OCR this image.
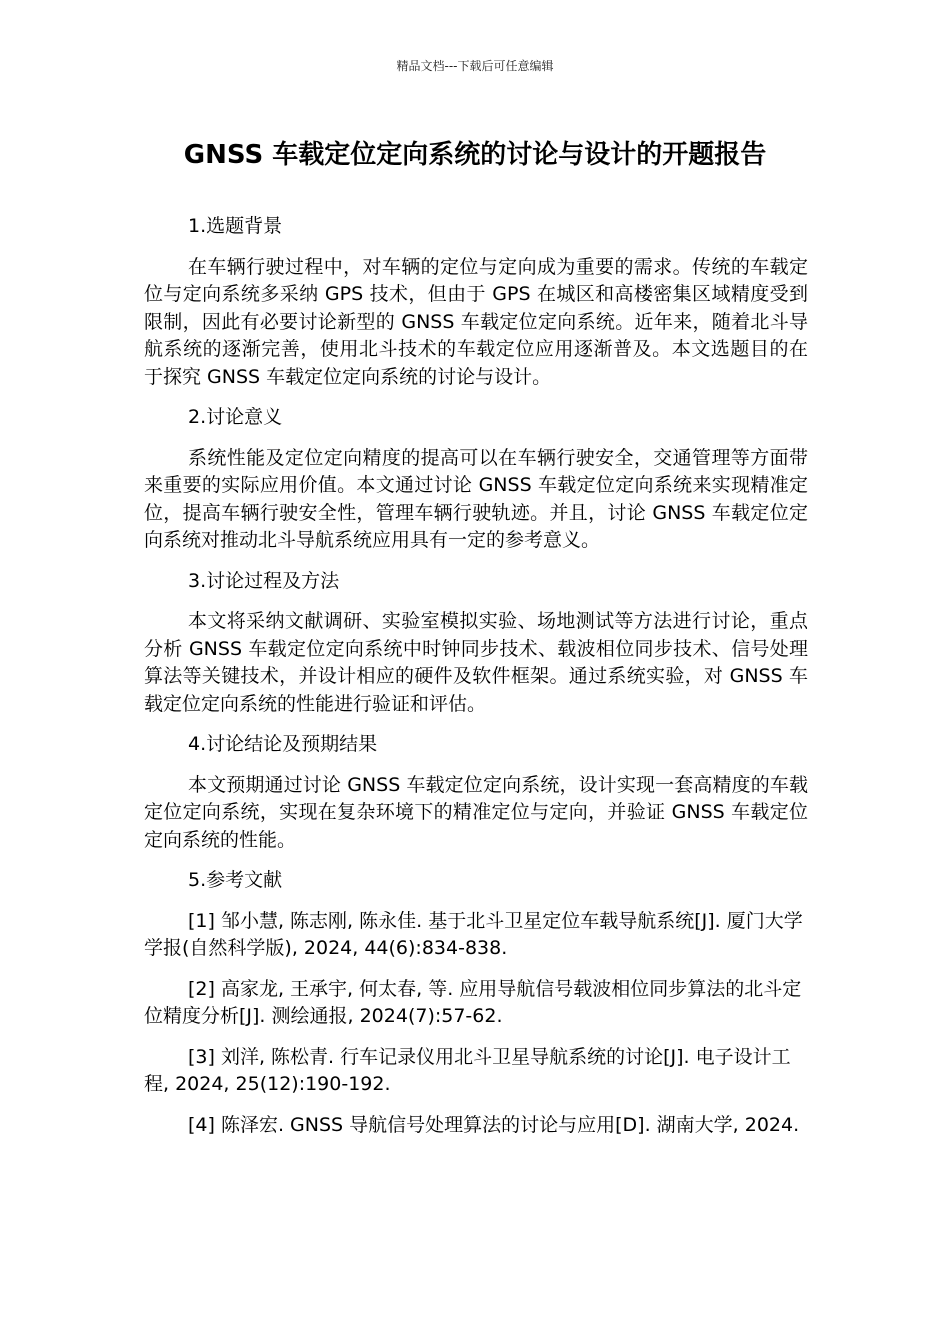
精品文档---下载后可任意编辑
GNSS 车载定位定向系统的讨论与设计的开题报告
1.选题背景

在车辆行驶过程中，对车辆的定位与定向成为重要的需求。传统的车载定位与定向系统多采纳 GPS 技术，但由于 GPS 在城区和高楼密集区域精度受到限制，因此有必要讨论新型的 GNSS 车载定位定向系统。近年来，随着北斗导航系统的逐渐完善，使用北斗技术的车载定位应用逐渐普及。本文选题目的在于探究 GNSS 车载定位定向系统的讨论与设计。

2.讨论意义

系统性能及定位定向精度的提高可以在车辆行驶安全，交通管理等方面带来重要的实际应用价值。本文通过讨论 GNSS 车载定位定向系统来实现精准定位，提高车辆行驶安全性，管理车辆行驶轨迹。并且，讨论 GNSS 车载定位定向系统对推动北斗导航系统应用具有一定的参考意义。

3.讨论过程及方法

本文将采纳文献调研、实验室模拟实验、场地测试等方法进行讨论，重点分析 GNSS 车载定位定向系统中时钟同步技术、载波相位同步技术、信号处理算法等关键技术，并设计相应的硬件及软件框架。通过系统实验，对 GNSS 车载定位定向系统的性能进行验证和评估。

4.讨论结论及预期结果

本文预期通过讨论 GNSS 车载定位定向系统，设计实现一套高精度的车载定位定向系统，实现在复杂环境下的精准定位与定向，并验证 GNSS 车载定位定向系统的性能。

5.参考文献
[1] 邹小慧, 陈志刚, 陈永佳. 基于北斗卫星定位车载导航系统[J]. 厦门大学学报(自然科学版), 2024, 44(6):834-838.
[2] 高家龙, 王承宇, 何太春, 等. 应用导航信号载波相位同步算法的北斗定位精度分析[J]. 测绘通报, 2024(7):57-62.
[3] 刘洋, 陈松青. 行车记录仪用北斗卫星导航系统的讨论[J]. 电子设计工程, 2024, 25(12):190-192.
[4] 陈泽宏. GNSS 导航信号处理算法的讨论与应用[D]. 湖南大学, 2024.
